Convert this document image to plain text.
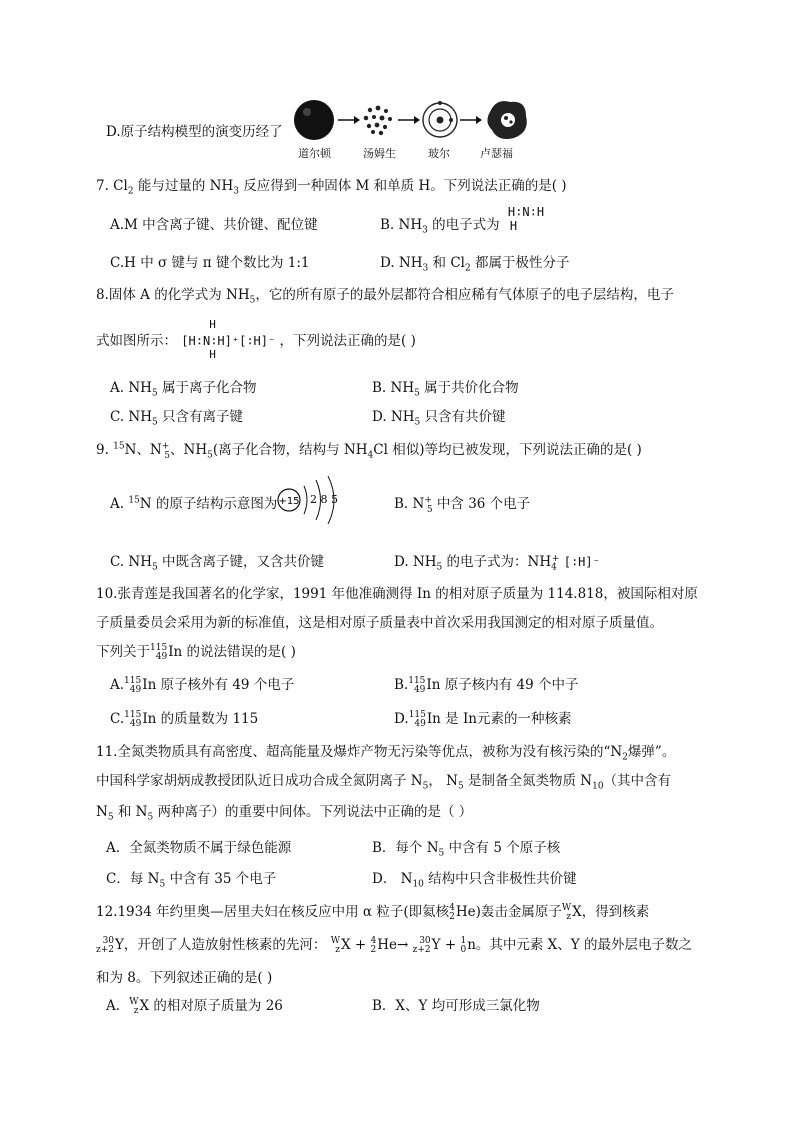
D.原子结构模型的演变历经了
道尔顿	汤姆生	玻尔	卢瑟福
7. $Cl_2$ 能与过量的 $NH_3$ 反应得到一种固体 M 和单质 H。下列说法正确的是( )
A.M 中含离子键、共价键、配位键	B. $NH_3$ 的电子式为
H∶N∶H
H
C.H 中 σ 键与 π 键个数比为 1:1	D. $NH_3$ 和 $Cl_2$ 都属于极性分子
8.固体 A 的化学式为 $NH_5$，它的所有原子的最外层都符合相应稀有气体原子的电子层结构，电子
式如图所示：
H
[H∶N∶H]⁺[∶H]⁻
H
，下列说法正确的是( )
A. $NH_5$ 属于离子化合物	B. $NH_5$ 属于共价化合物
C. $NH_5$ 只含有离子键	D. $NH_5$ 只含有共价键
9. $^{15}$N、$N^+_5$、$NH_5$(离子化合物，结构与 $NH_4Cl$ 相似)等均已被发现，下列说法正确的是( )
A. $^{15}$N 的原子结构示意图为 +15 2 8 5	B. $N^+_5$ 中含 36 个电子
C. $NH_5$ 中既含离子键，又含共价键	D. $NH_5$ 的电子式为：$NH_4^+$ [∶H]⁻
10.张青莲是我国著名的化学家，1991 年他准确测得 In 的相对原子质量为 114.818，被国际相对原
子质量委员会采用为新的标准值，这是相对原子质量表中首次采用我国测定的相对原子质量值。
下列关于 115
49 In 的说法错误的是( )
A. 115
49 In 原子核外有 49 个电子	B. 115
49 In 原子核内有 49 个中子
C. 115
49 In 的质量数为 115	D. 115
49 In 是 In元素的一种核素
11.全氮类物质具有高密度、超高能量及爆炸产物无污染等优点，被称为没有核污染的“$N_2$爆弹”。
中国科学家胡炳成教授团队近日成功合成全氮阴离子 $N_5$， $N_5$ 是制备全氮类物质 $N_{10}$（其中含有
$N_5$ 和 $N_5$ 两种离子）的重要中间体。下列说法中正确的是（ ）
A．全氮类物质不属于绿色能源	B．每个 $N_5$ 中含有 5 个原子核
C．每 $N_5$ 中含有 35 个电子	D． $N_{10}$ 结构中只含非极性共价键
12.1934 年约里奥—居里夫妇在核反应中用 α 粒子(即氦核 4
2 He)轰击金属原子 W
z X，得到核素
30
z+2 Y，开创了人造放射性核素的先河： W
z X + 4
2 He→	30
z+2 Y + 1
0 n。其中元素 X、Y 的最外层电子数之
和为 8。下列叙述正确的是( )
A． W
z X 的相对原子质量为 26	B．X、Y 均可形成三氯化物
